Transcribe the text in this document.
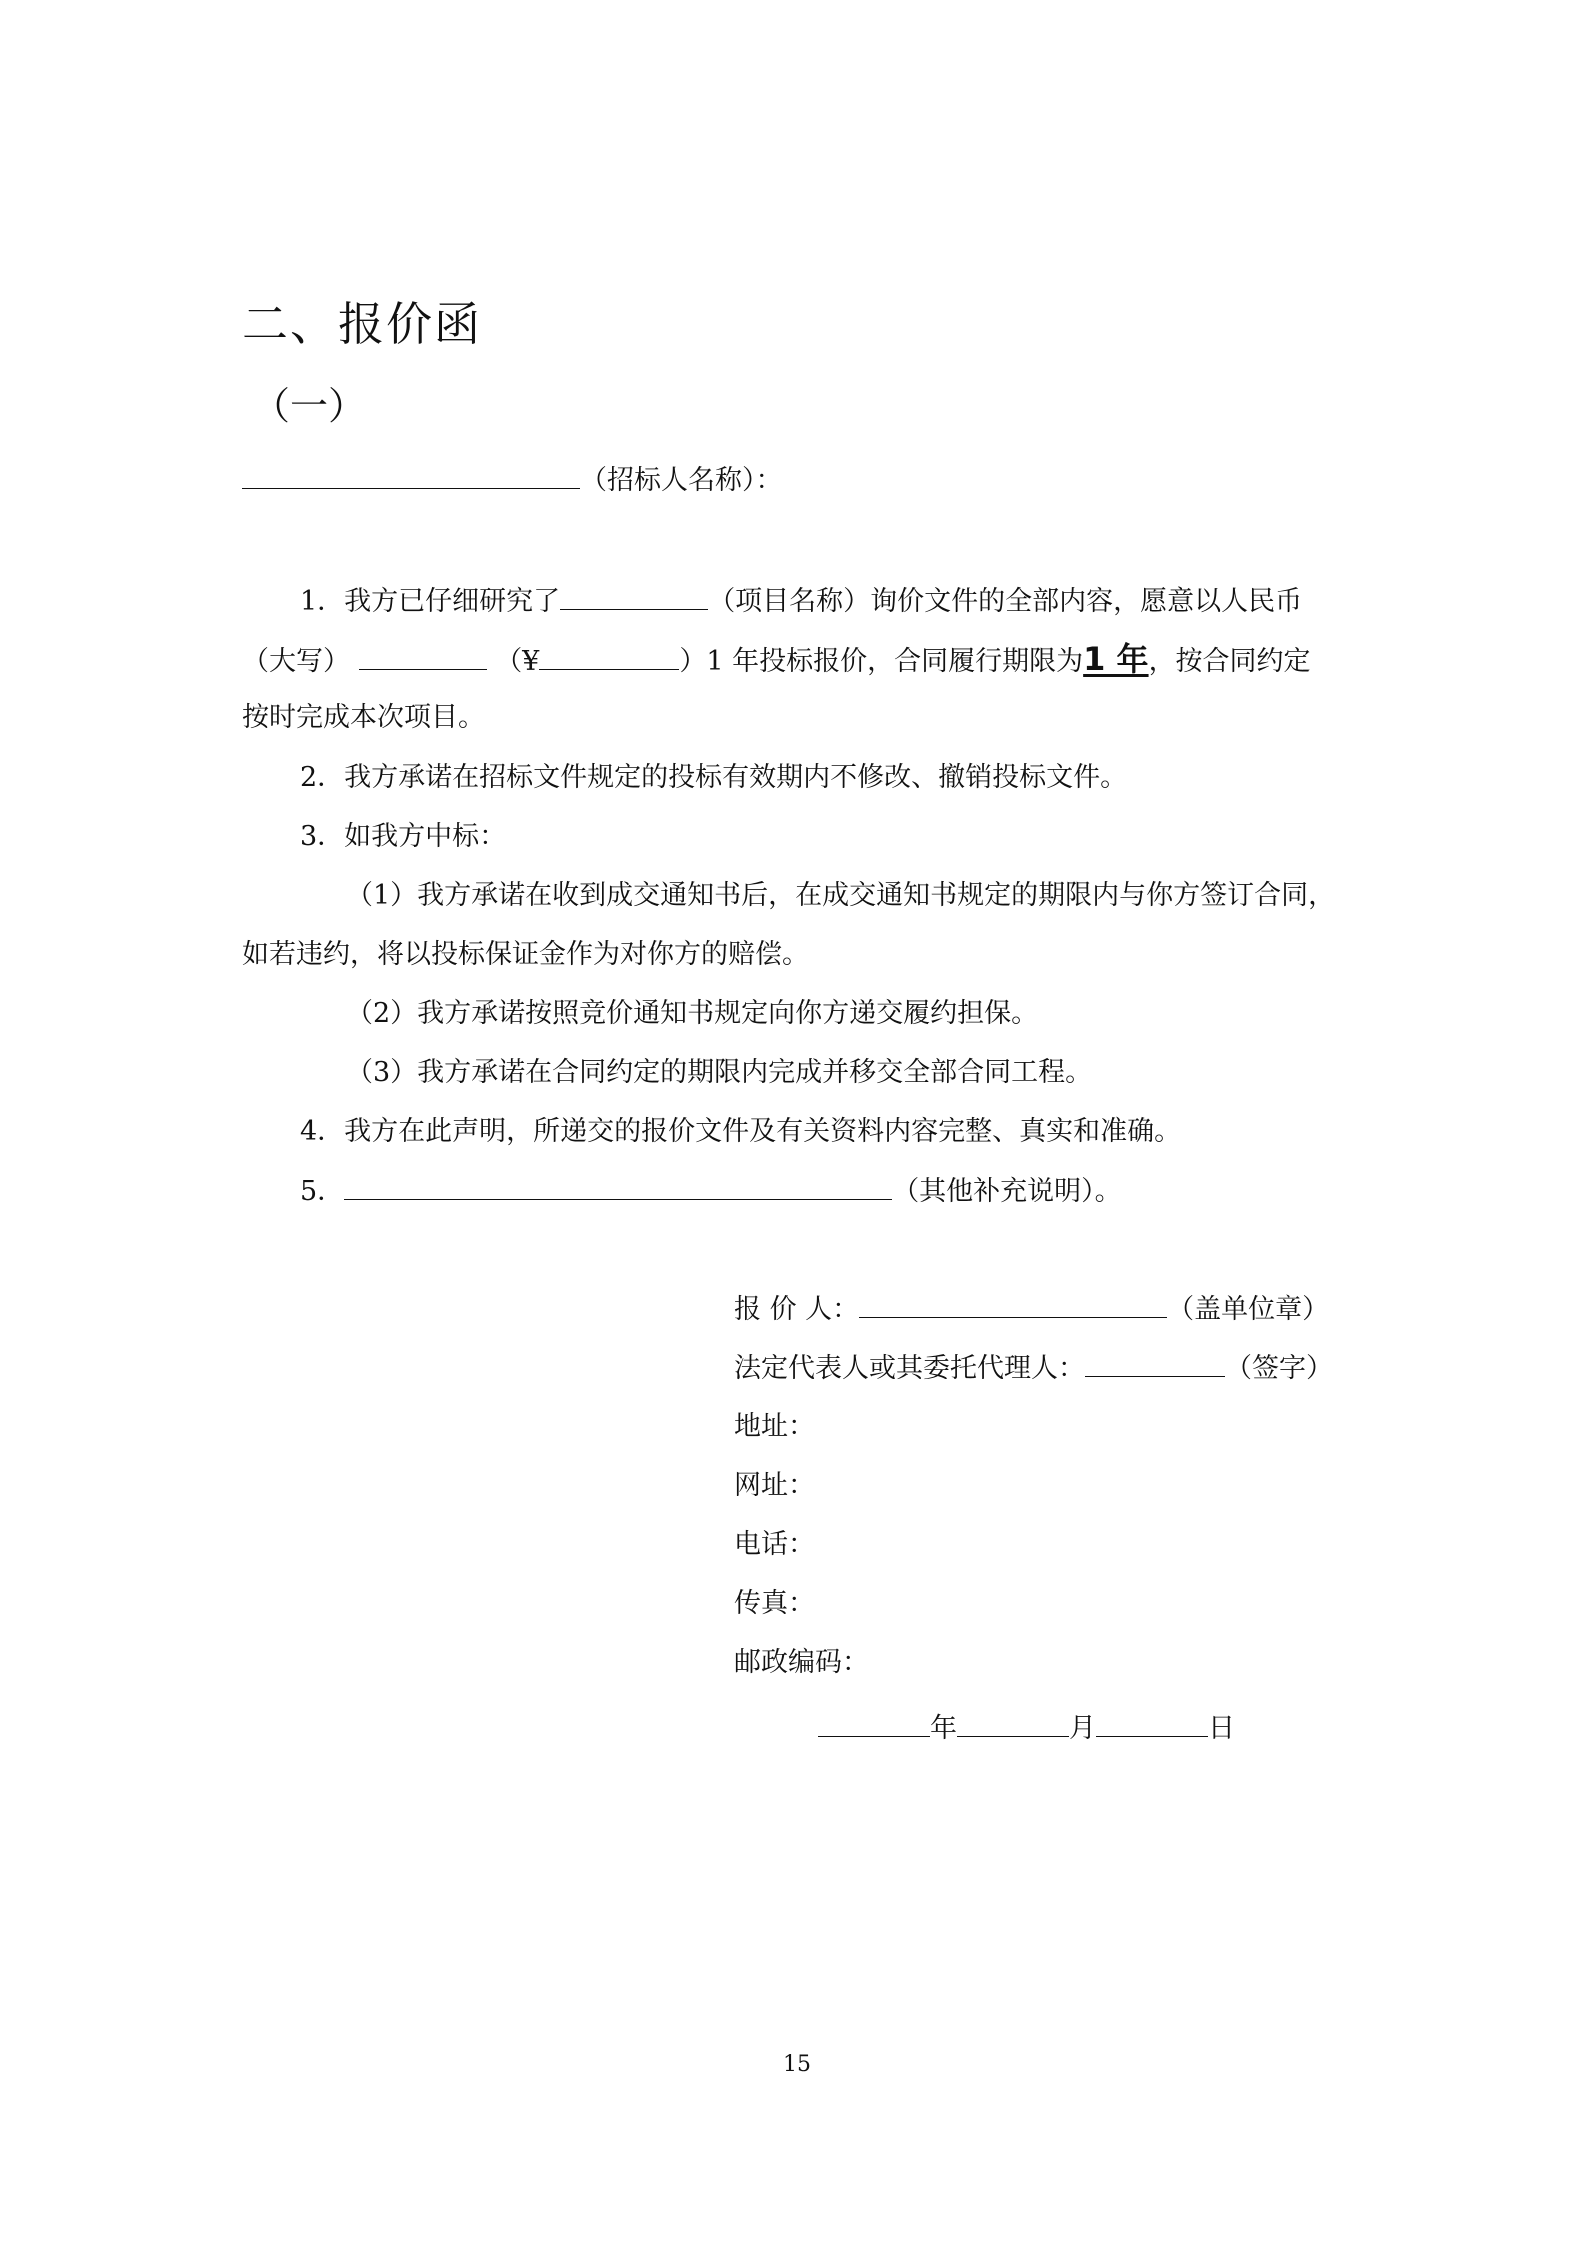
二、报价函
（一）
（招标人名称）：
1．我方已仔细研究了	（项目名称）询价文件的全部内容，愿意以人民币
（大写）	（¥	）1 年投标报价，合同履行期限为1 年，按合同约定
按时完成本次项目。
2．我方承诺在招标文件规定的投标有效期内不修改、撤销投标文件。
3．如我方中标：
（1）我方承诺在收到成交通知书后，在成交通知书规定的期限内与你方签订合同，
如若违约，将以投标保证金作为对你方的赔偿。
（2）我方承诺按照竞价通知书规定向你方递交履约担保。
（3）我方承诺在合同约定的期限内完成并移交全部合同工程。
4．我方在此声明，所递交的报价文件及有关资料内容完整、真实和准确。
5．	（其他补充说明）。
报 价 人：	（盖单位章）
法定代表人或其委托代理人：	（签字）
地址：
网址：
电话：
传真：
邮政编码：
年	月	日
15
